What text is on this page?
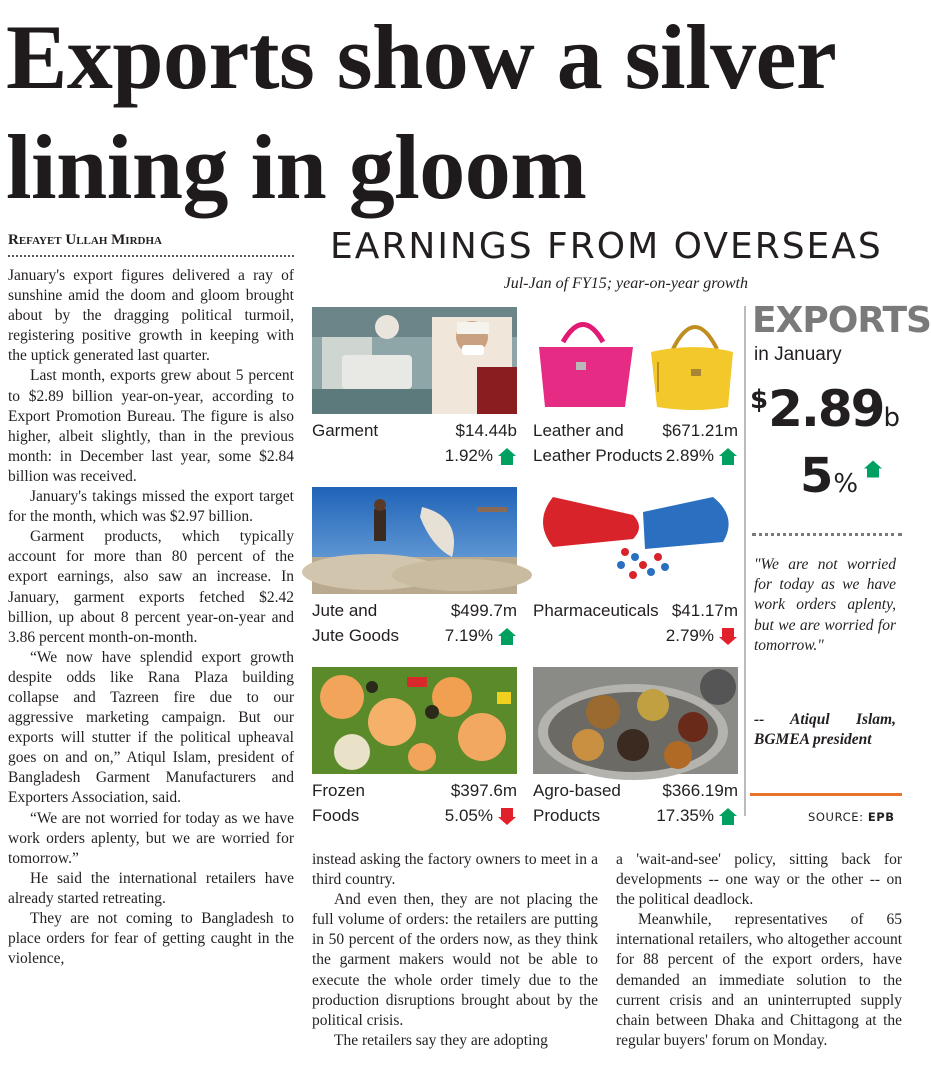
Exports show a silver
lining in gloom
Refayet Ullah Mirdha

January's export figures delivered a ray of sunshine amid the doom and gloom brought about by the dragging political turmoil, registering positive growth in keeping with the uptick generated last quarter.

Last month, exports grew about 5 percent to $2.89 billion year-on-year, according to Export Promotion Bureau. The figure is also higher, albeit slightly, than in the previous month: in December last year, some $2.84 billion was received.

January's takings missed the export target for the month, which was $2.97 billion.

Garment products, which typically account for more than 80 percent of the export earnings, also saw an increase. In January, garment exports fetched $2.42 billion, up about 8 percent year-on-year and 3.86 percent month-on-month.

“We now have splendid export growth despite odds like Rana Plaza building collapse and Tazreen fire due to our aggressive marketing campaign. But our exports will stutter if the political upheaval goes on and on,” Atiqul Islam, president of Bangladesh Garment Manufacturers and Exporters Association, said.

“We are not worried for today as we have work orders aplenty, but we are worried for tomorrow.”

He said the international retailers have already started retreating.

They are not coming to Bangladesh to place orders for fear of getting caught in the violence,

instead asking the factory owners to meet in a third country.

And even then, they are not placing the full volume of orders: the retailers are putting in 50 percent of the orders now, as they think the garment makers would not be able to execute the whole order timely due to the production disruptions brought about by the political crisis.

The retailers say they are adopting

a 'wait-and-see' policy, sitting back for developments -- one way or the other -- on the political deadlock.

Meanwhile, representatives of 65 international retailers, who altogether account for 88 percent of the export orders, have demanded an immediate solution to the current crisis and an uninterrupted supply chain between Dhaka and Chittagong at the regular buyers' forum on Monday.

EARNINGS FROM OVERSEAS
Jul-Jan of FY15; year-on-year growth
Garment	$14.44b
1.92%
Leather and
Leather Products
$671.21m
2.89%
Jute and
Jute Goods
$499.7m
7.19%
Pharmaceuticals $41.17m
2.79%
Frozen
Foods
$397.6m
5.05%
Agro-based
Products
$366.19m
17.35%
EXPORTS
in January
$2.89b
5%
"We are not worried for today as we have work orders aplenty, but we are worried for tomorrow."
-- Atiqul Islam, BGMEA president
SOURCE: EPB
